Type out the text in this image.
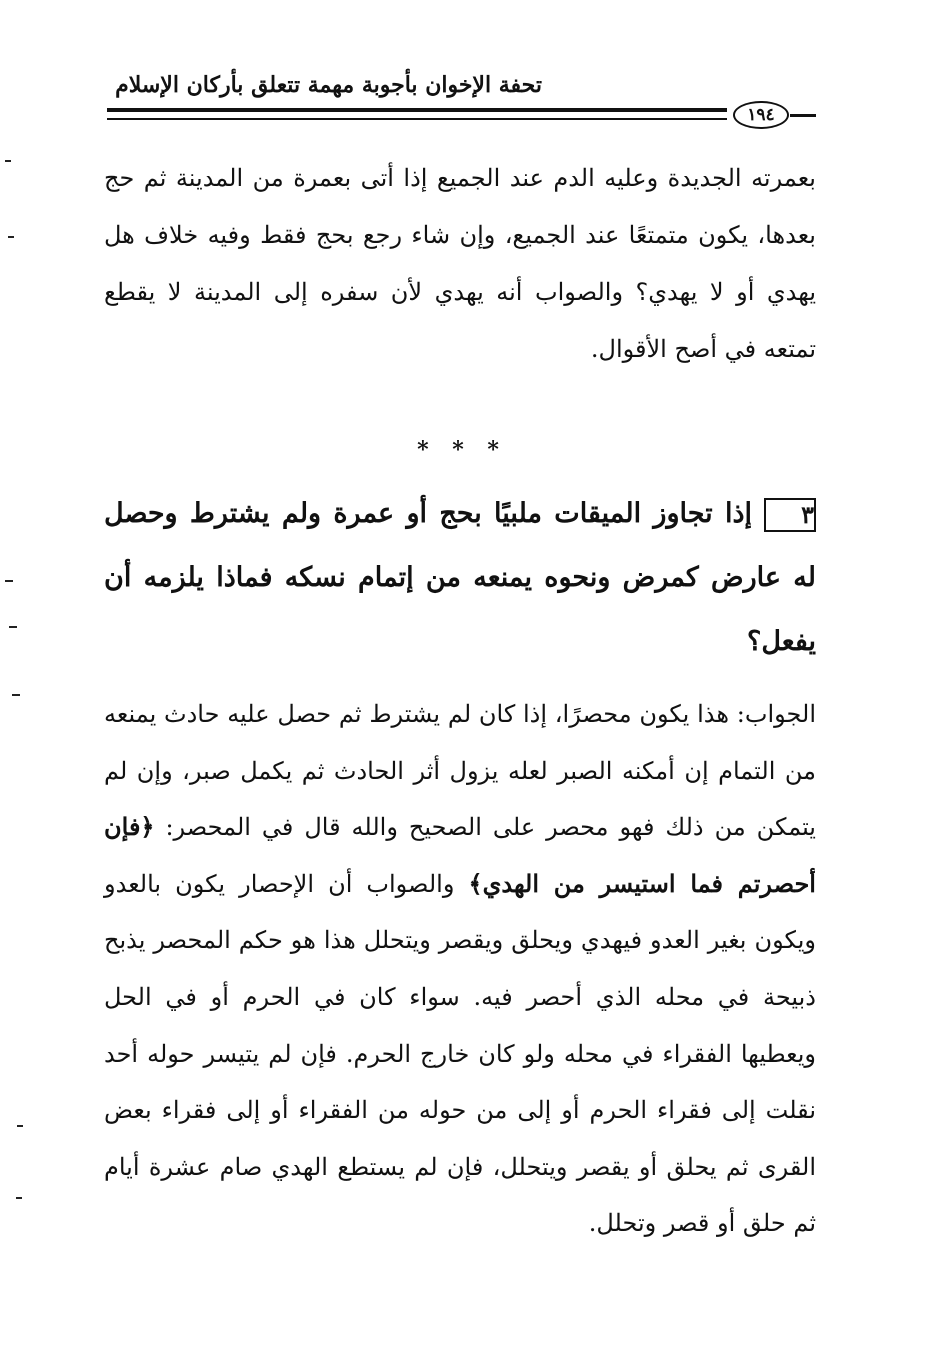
تحفة الإخوان بأجوبة مهمة تتعلق بأركان الإسلام
١٩٤
بعمرته الجديدة وعليه الدم عند الجميع إذا أتى بعمرة من المدينة ثم حج بعدها، يكون متمتعًا عند الجميع، وإن شاء رجع بحج فقط وفيه خلاف هل يهدي أو لا يهدي؟ والصواب أنه يهدي لأن سفره إلى المدينة لا يقطع تمتعه في أصح الأقوال.
* * *
٣إذا تجاوز الميقات ملبيًا بحج أو عمرة ولم يشترط وحصل له عارض كمرض ونحوه يمنعه من إتمام نسكه فماذا يلزمه أن يفعل؟
الجواب: هذا يكون محصرًا، إذا كان لم يشترط ثم حصل عليه حادث يمنعه من التمام إن أمكنه الصبر لعله يزول أثر الحادث ثم يكمل صبر، وإن لم يتمكن من ذلك فهو محصر على الصحيح والله قال في المحصر: ﴿فإن أحصرتم فما استيسر من الهدي﴾ والصواب أن الإحصار يكون بالعدو ويكون بغير العدو فيهدي ويحلق ويقصر ويتحلل هذا هو حكم المحصر يذبح ذبيحة في محله الذي أحصر فيه. سواء كان في الحرم أو في الحل ويعطيها الفقراء في محله ولو كان خارج الحرم. فإن لم يتيسر حوله أحد نقلت إلى فقراء الحرم أو إلى من حوله من الفقراء أو إلى فقراء بعض القرى ثم يحلق أو يقصر ويتحلل، فإن لم يستطع الهدي صام عشرة أيام ثم حلق أو قصر وتحلل.
